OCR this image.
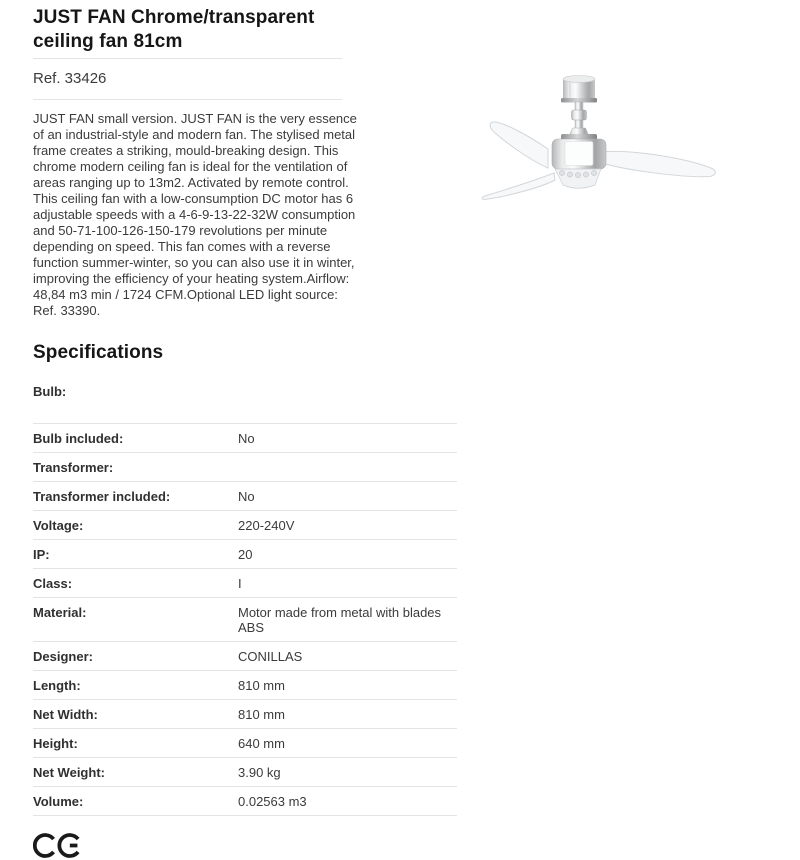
JUST FAN Chrome/transparent ceiling fan 81cm
Ref. 33426

JUST FAN small version. JUST FAN is the very essence of an industrial-style and modern fan. The stylised metal frame creates a striking, mould-breaking design. This chrome modern ceiling fan is ideal for the ventilation of areas ranging up to 13m2. Activated by remote control. This ceiling fan with a low-consumption DC motor has 6 adjustable speeds with a 4-6-9-13-22-32W consumption and 50-71-100-126-150-179 revolutions per minute depending on speed. This fan comes with a reverse function summer-winter, so you can also use it in winter, improving the efficiency of your heating system.Airflow: 48,84 m3 min / 1724 CFM.Optional LED light source: Ref. 33390.

Specifications
Bulb:
Bulb included:	No
Transformer:
Transformer included:	No
Voltage:	220-240V
IP:	20
Class:	I
Material:	Motor made from metal with blades ABS
Designer:	CONILLAS
Length:	810 mm
Net Width:	810 mm
Height:	640 mm
Net Weight:	3.90 kg
Volume:	0.02563 m3
